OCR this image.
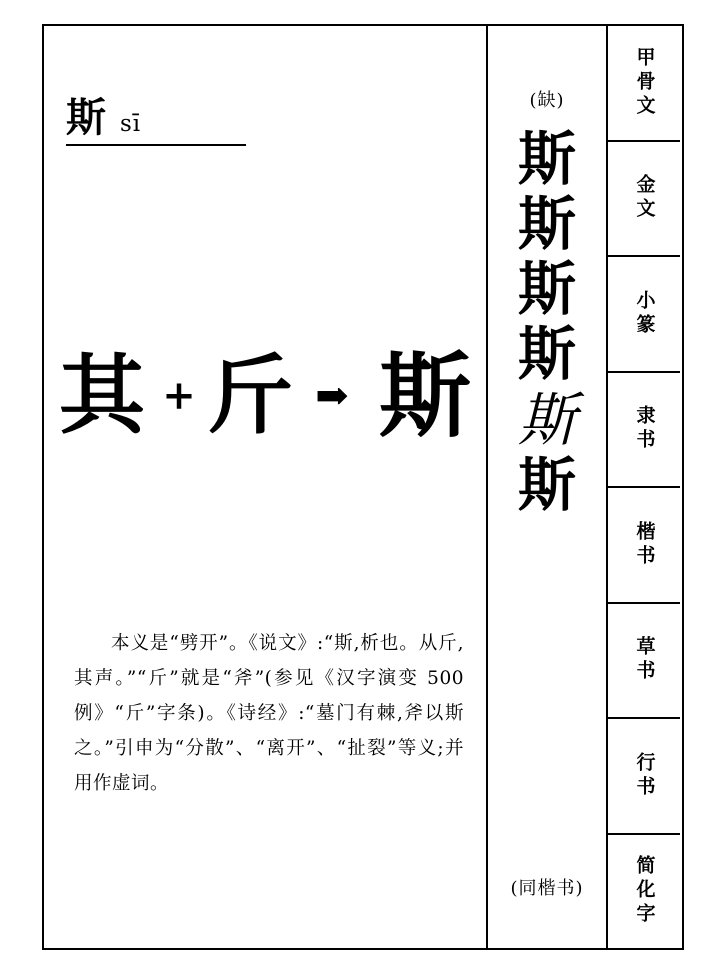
斯 sī
其 + 斤 ➡ 斯
本义是“劈开”。《说文》:“斯,析也。从斤,其声。”“斤”就是“斧”(参见《汉字演变 500 例》“斤”字条)。《诗经》:“墓门有棘,斧以斯之。”引申为“分散”、“离开”、“扯裂”等义;并用作虚词。
(缺)
斯
斯
斯
斯
斯
斯
(同楷书)
甲骨文
金文
小篆
隶书
楷书
草书
行书
简化字
